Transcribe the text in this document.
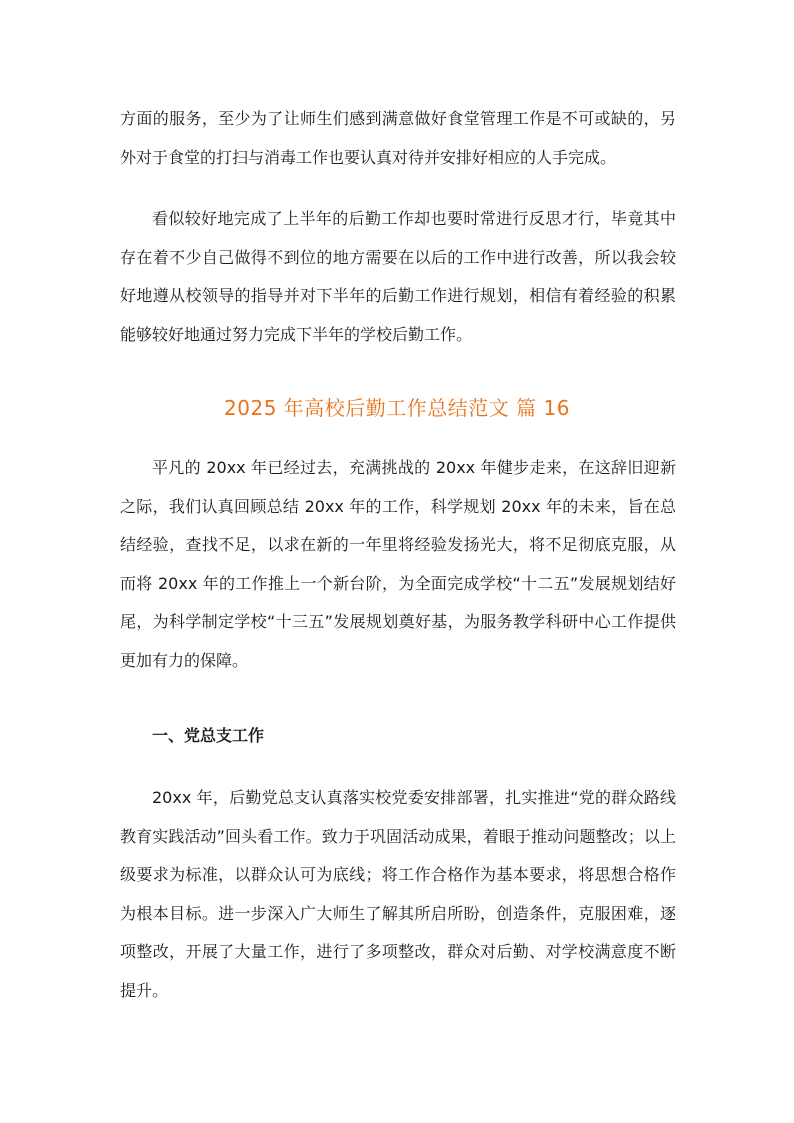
方面的服务，至少为了让师生们感到满意做好食堂管理工作是不可或缺的，另外对于食堂的打扫与消毒工作也要认真对待并安排好相应的人手完成。

看似较好地完成了上半年的后勤工作却也要时常进行反思才行，毕竟其中存在着不少自己做得不到位的地方需要在以后的工作中进行改善，所以我会较好地遵从校领导的指导并对下半年的后勤工作进行规划，相信有着经验的积累能够较好地通过努力完成下半年的学校后勤工作。

2025 年高校后勤工作总结范文 篇 16

平凡的 20xx 年已经过去，充满挑战的 20xx 年健步走来，在这辞旧迎新之际，我们认真回顾总结 20xx 年的工作，科学规划 20xx 年的未来，旨在总结经验，查找不足，以求在新的一年里将经验发扬光大，将不足彻底克服，从而将 20xx 年的工作推上一个新台阶，为全面完成学校“十二五”发展规划结好尾，为科学制定学校“十三五”发展规划奠好基，为服务教学科研中心工作提供更加有力的保障。

一、党总支工作

20xx 年，后勤党总支认真落实校党委安排部署，扎实推进“党的群众路线教育实践活动”回头看工作。致力于巩固活动成果，着眼于推动问题整改；以上级要求为标准，以群众认可为底线；将工作合格作为基本要求，将思想合格作为根本目标。进一步深入广大师生了解其所启所盼，创造条件，克服困难，逐项整改，开展了大量工作，进行了多项整改，群众对后勤、对学校满意度不断提升。
